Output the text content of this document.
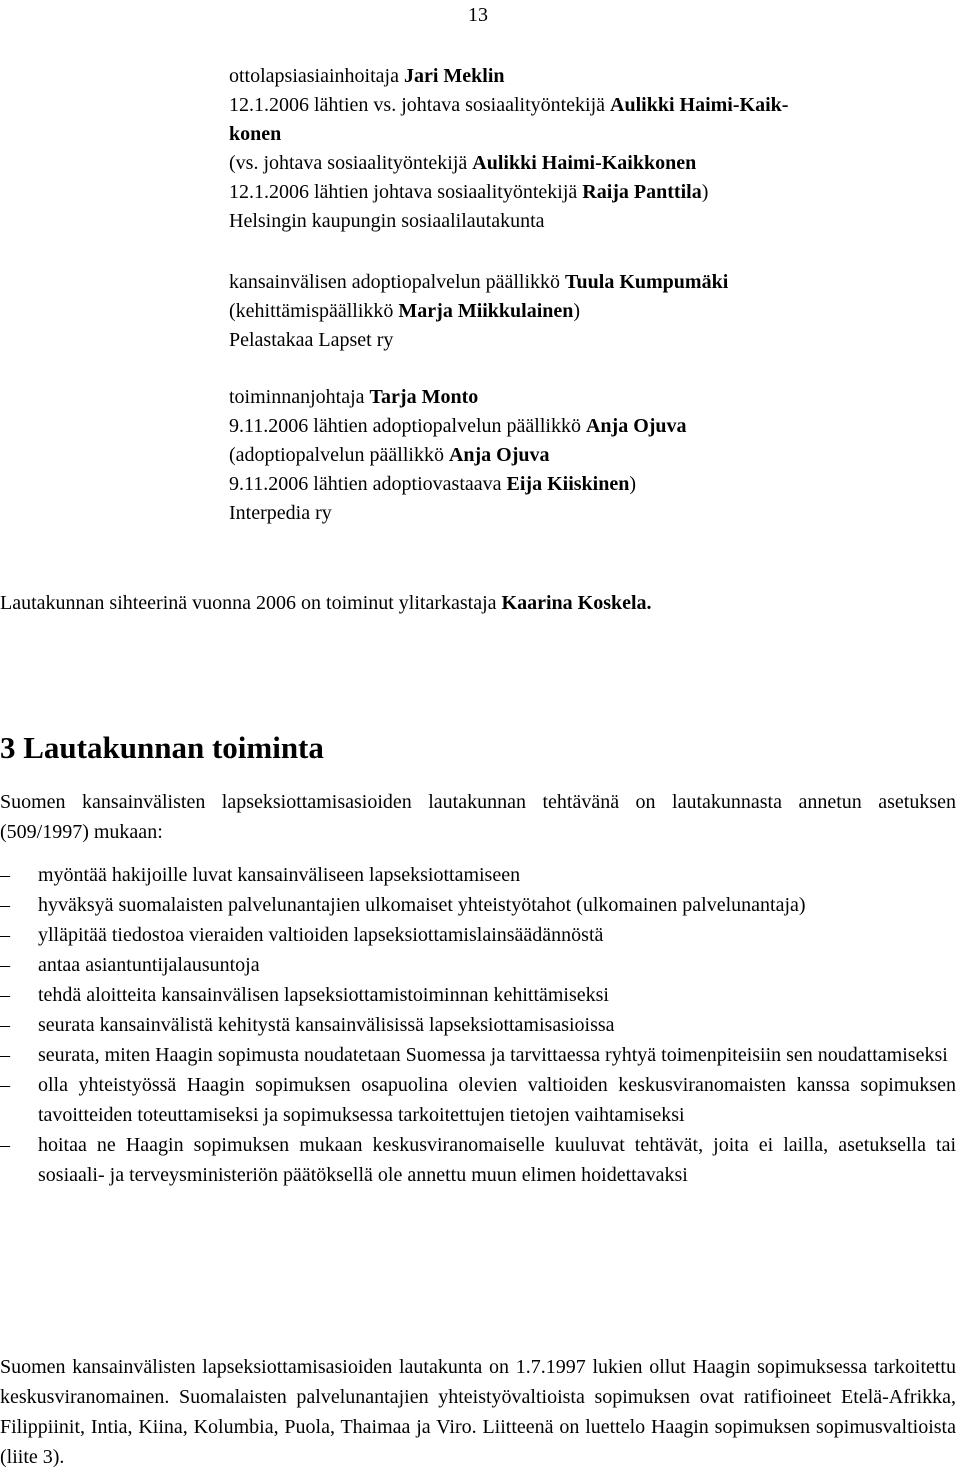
13
ottolapsiasiainhoitaja Jari Meklin
12.1.2006 lähtien vs. johtava sosiaalityöntekijä Aulikki Haimi-Kaik-
konen
(vs. johtava sosiaalityöntekijä Aulikki Haimi-Kaikkonen
12.1.2006 lähtien johtava sosiaalityöntekijä Raija Panttila)
Helsingin kaupungin sosiaalilautakunta
kansainvälisen adoptiopalvelun päällikkö Tuula Kumpumäki
(kehittämispäällikkö Marja Miikkulainen)
Pelastakaa Lapset ry
toiminnanjohtaja Tarja Monto
9.11.2006 lähtien adoptiopalvelun päällikkö Anja Ojuva
(adoptiopalvelun päällikkö Anja Ojuva
9.11.2006 lähtien adoptiovastaava Eija Kiiskinen)
Interpedia ry
Lautakunnan sihteerinä vuonna 2006 on toiminut ylitarkastaja Kaarina Koskela.
3 Lautakunnan toiminta
Suomen kansainvälisten lapseksiottamisasioiden lautakunnan tehtävänä on lautakunnasta annetun asetuksen (509/1997) mukaan:
– myöntää hakijoille luvat kansainväliseen lapseksiottamiseen
– hyväksyä suomalaisten palvelunantajien ulkomaiset yhteistyötahot (ulkomainen palvelunantaja)
– ylläpitää tiedostoa vieraiden valtioiden lapseksiottamislainsäädännöstä
– antaa asiantuntijalausuntoja
– tehdä aloitteita kansainvälisen lapseksiottamistoiminnan kehittämiseksi
– seurata kansainvälistä kehitystä kansainvälisissä lapseksiottamisasioissa
– seurata, miten Haagin sopimusta noudatetaan Suomessa ja tarvittaessa ryhtyä toimenpiteisiin sen noudattamiseksi
– olla yhteistyössä Haagin sopimuksen osapuolina olevien valtioiden keskusviranomaisten kanssa sopimuksen tavoitteiden toteuttamiseksi ja sopimuksessa tarkoitettujen tietojen vaihtamiseksi
– hoitaa ne Haagin sopimuksen mukaan keskusviranomaiselle kuuluvat tehtävät, joita ei lailla, asetuksella tai sosiaali- ja terveysministeriön päätöksellä ole annettu muun elimen hoidettavaksi
Suomen kansainvälisten lapseksiottamisasioiden lautakunta on 1.7.1997 lukien ollut Haagin sopimuksessa tarkoitettu keskusviranomainen. Suomalaisten palvelunantajien yhteistyövaltioista sopimuksen ovat ratifioineet Etelä-Afrikka, Filippiinit, Intia, Kiina, Kolumbia, Puola, Thaimaa ja Viro. Liitteenä on luettelo Haagin sopimuksen sopimusvaltioista (liite 3).
